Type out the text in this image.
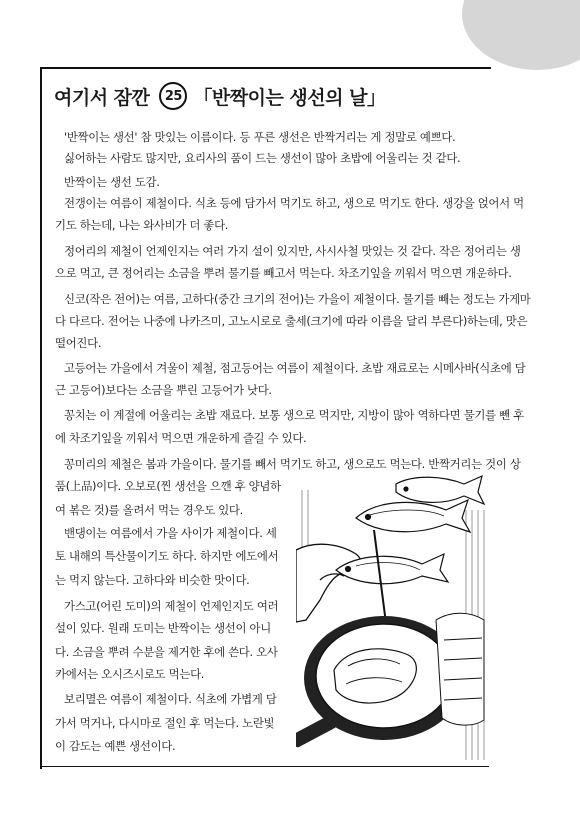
여기서 잠깐	25 「반짝이는 생선의 날」
'반짝이는 생선' 참 맛있는 이름이다. 등 푸른 생선은 반짝거리는 게 정말로 예쁘다.
싫어하는 사람도 많지만, 요리사의 품이 드는 생선이 많아 초밥에 어울리는 것 같다.
반짝이는 생선 도감.
전갱이는 여름이 제철이다. 식초 등에 담가서 먹기도 하고, 생으로 먹기도 한다. 생강을 얹어서 먹
기도 하는데, 나는 와사비가 더 좋다.
정어리의 제철이 언제인지는 여러 가지 설이 있지만, 사시사철 맛있는 것 같다. 작은 정어리는 생
으로 먹고, 큰 정어리는 소금을 뿌려 물기를 빼고서 먹는다. 차조기잎을 끼워서 먹으면 개운하다.
신코(작은 전어)는 여름, 고하다(중간 크기의 전어)는 가을이 제철이다. 물기를 빼는 정도는 가게마
다 다르다. 전어는 나중에 나카즈미, 고노시로로 출세(크기에 따라 이름을 달리 부른다)하는데, 맛은
떨어진다.
고등어는 가을에서 겨울이 제철, 점고등어는 여름이 제철이다. 초밥 재료로는 시메사바(식초에 담
근 고등어)보다는 소금을 뿌린 고등어가 낫다.
꽁치는 이 계절에 어울리는 초밥 재료다. 보통 생으로 먹지만, 지방이 많아 역하다면 물기를 뺀 후
에 차조기잎을 끼워서 먹으면 개운하게 즐길 수 있다.
꽁미리의 제철은 봄과 가을이다. 물기를 빼서 먹기도 하고, 생으로도 먹는다. 반짝거리는 것이 상
품(上品)이다. 오보로(찐 생선을 으깬 후 양념하
여 볶은 것)를 올려서 먹는 경우도 있다.
밴댕이는 여름에서 가을 사이가 제철이다. 세
토 내해의 특산물이기도 하다. 하지만 에도에서
는 먹지 않는다. 고하다와 비슷한 맛이다.
가스고(어린 도미)의 제철이 언제인지도 여러
설이 있다. 원래 도미는 반짝이는 생선이 아니
다. 소금을 뿌려 수분을 제거한 후에 쓴다. 오사
카에서는 오시즈시로도 먹는다.
보리멸은 여름이 제철이다. 식초에 가볍게 담
가서 먹거나, 다시마로 절인 후 먹는다. 노란빛
이 감도는 예쁜 생선이다.
